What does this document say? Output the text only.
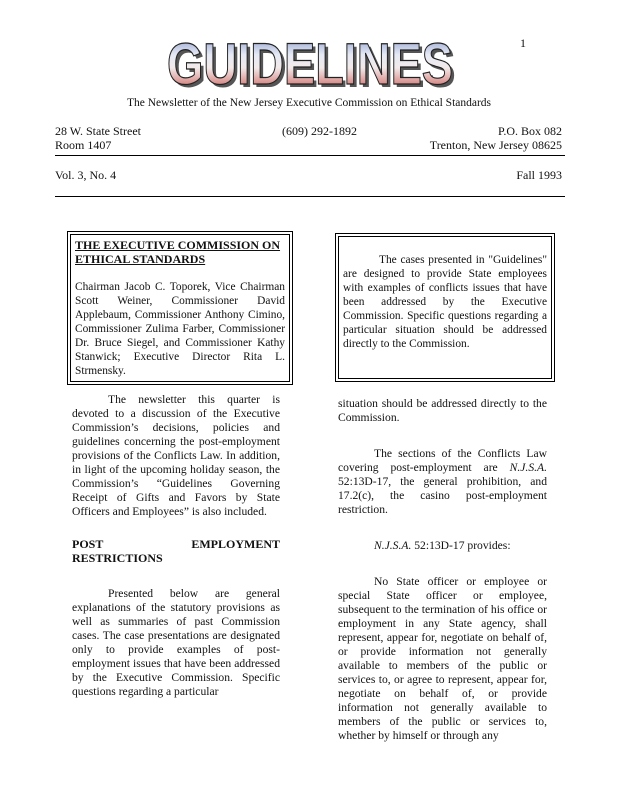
1
GUIDELINES
GUIDELINES
The Newsletter of the New Jersey Executive Commission on Ethical Standards
28 W. State Street	(609) 292-1892	P.O. Box 082
Room 1407	Trenton, New Jersey 08625
Vol. 3, No. 4	Fall 1993
THE EXECUTIVE COMMISSION ON ETHICAL STANDARDS
Chairman Jacob C. Toporek, Vice Chairman Scott Weiner, Commissioner David Applebaum, Commissioner Anthony Cimino, Commissioner Zulima Farber, Commissioner Dr. Bruce Siegel, and Commissioner Kathy Stanwick; Executive Director Rita L. Strmensky.
The cases presented in "Guidelines" are designed to provide State employees with examples of conflicts issues that have been addressed by the Executive Commission. Specific questions regarding a particular situation should be addressed directly to the Commission.

The newsletter this quarter is devoted to a discussion of the Executive Commission’s decisions, policies and guidelines concerning the post-employment provisions of the Conflicts Law. In addition, in light of the upcoming holiday season, the Commission’s “Guidelines Governing Receipt of Gifts and Favors by State Officers and Employees” is also included.

POST EMPLOYMENT

RESTRICTIONS

Presented below are general explanations of the statutory provisions as well as summaries of past Commission cases. The case presentations are designated only to provide examples of post-employment issues that have been addressed by the Executive Commission. Specific questions regarding a particular

situation should be addressed directly to the Commission.

The sections of the Conflicts Law covering post-employment are N.J.S.A. 52:13D-17, the general prohibition, and 17.2(c), the casino post-employment restriction.

N.J.S.A. 52:13D-17 provides:

No State officer or employee or special State officer or employee, subsequent to the termination of his office or employment in any State agency, shall represent, appear for, negotiate on behalf of, or provide information not generally available to members of the public or services to, or agree to represent, appear for, negotiate on behalf of, or provide information not generally available to members of the public or services to, whether by himself or through any
